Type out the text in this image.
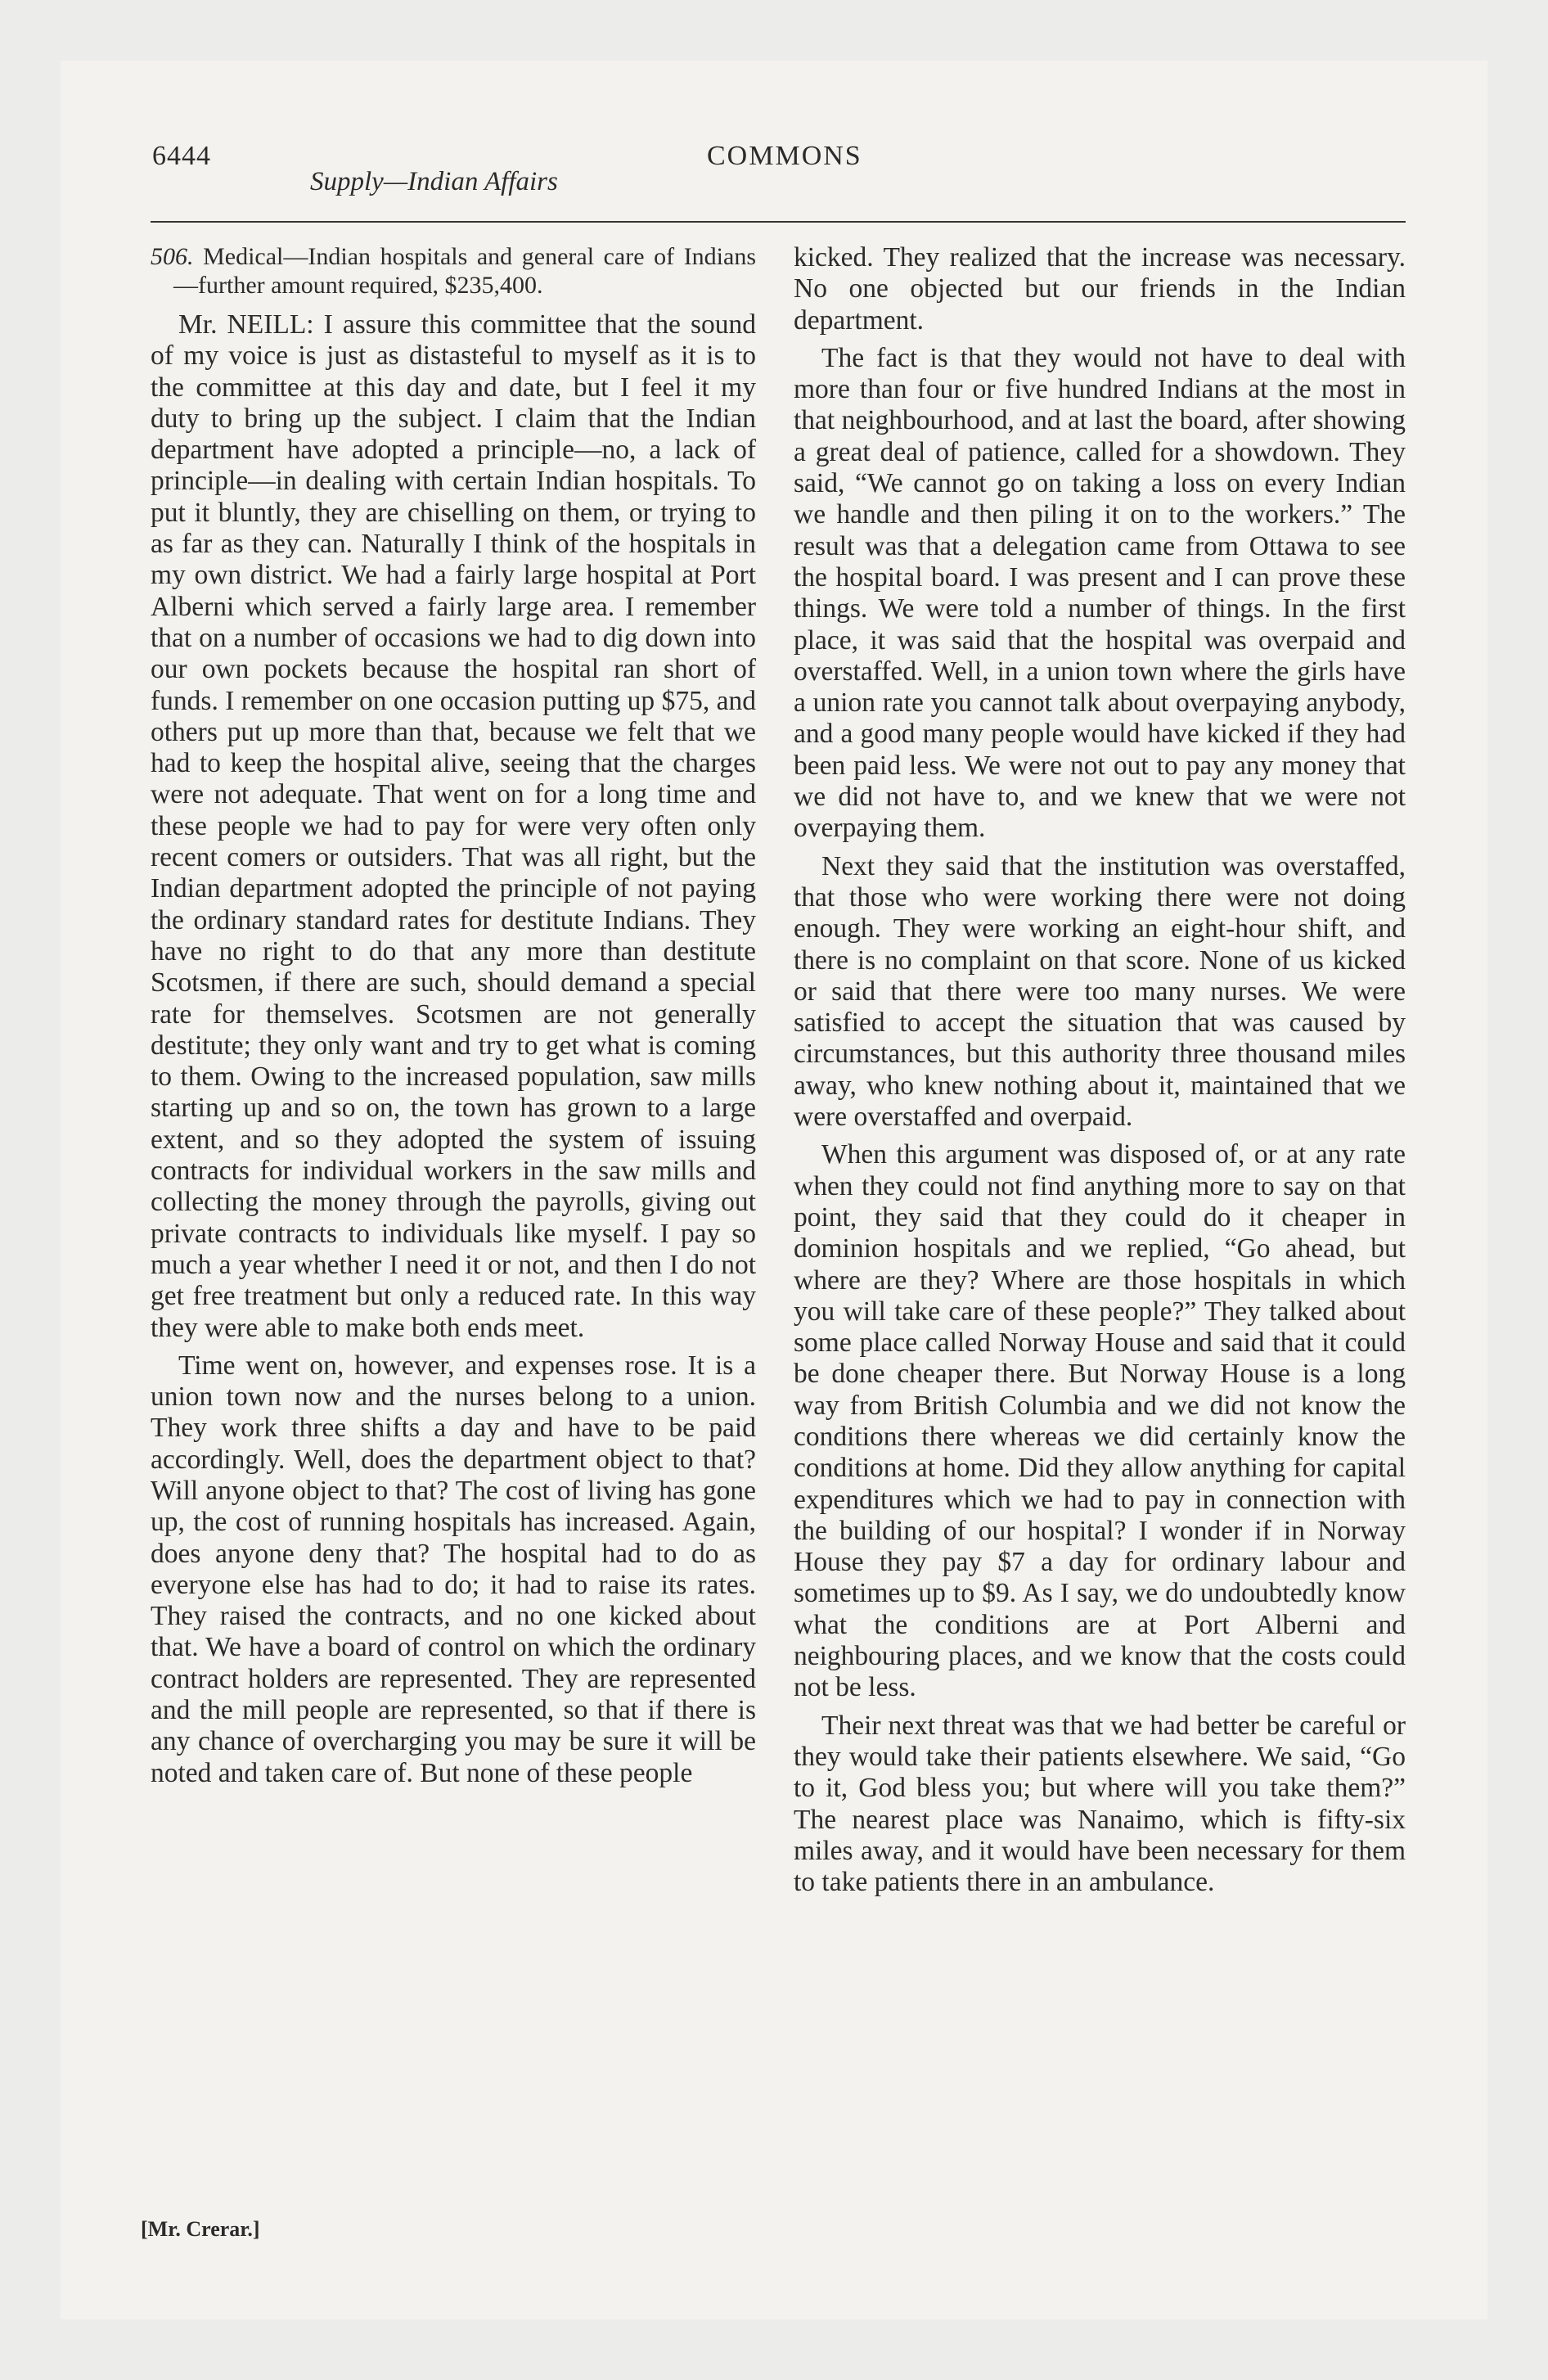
6444
Supply—Indian Affairs
COMMONS

506. Medical—Indian hospitals and general care of Indians—further amount required, $235,400.

Mr. NEILL: I assure this committee that the sound of my voice is just as distasteful to myself as it is to the committee at this day and date, but I feel it my duty to bring up the subject. I claim that the Indian department have adopted a principle—no, a lack of principle—in dealing with certain Indian hospitals. To put it bluntly, they are chiselling on them, or trying to as far as they can. Naturally I think of the hospitals in my own district. We had a fairly large hospital at Port Alberni which served a fairly large area. I remember that on a number of occasions we had to dig down into our own pockets because the hospital ran short of funds. I remember on one occasion putting up $75, and others put up more than that, because we felt that we had to keep the hospital alive, seeing that the charges were not adequate. That went on for a long time and these people we had to pay for were very often only recent comers or outsiders. That was all right, but the Indian department adopted the principle of not paying the ordinary standard rates for destitute Indians. They have no right to do that any more than destitute Scotsmen, if there are such, should demand a special rate for themselves. Scotsmen are not generally destitute; they only want and try to get what is coming to them. Owing to the increased population, saw mills starting up and so on, the town has grown to a large extent, and so they adopted the system of issuing contracts for individual workers in the saw mills and collecting the money through the payrolls, giving out private contracts to individuals like myself. I pay so much a year whether I need it or not, and then I do not get free treatment but only a reduced rate. In this way they were able to make both ends meet.

Time went on, however, and expenses rose. It is a union town now and the nurses belong to a union. They work three shifts a day and have to be paid accordingly. Well, does the department object to that? Will anyone object to that? The cost of living has gone up, the cost of running hospitals has increased. Again, does anyone deny that? The hospital had to do as everyone else has had to do; it had to raise its rates. They raised the contracts, and no one kicked about that. We have a board of control on which the ordinary contract holders are represented. They are represented and the mill people are represented, so that if there is any chance of overcharging you may be sure it will be noted and taken care of. But none of these people

kicked. They realized that the increase was necessary. No one objected but our friends in the Indian department.

The fact is that they would not have to deal with more than four or five hundred Indians at the most in that neighbourhood, and at last the board, after showing a great deal of patience, called for a showdown. They said, “We cannot go on taking a loss on every Indian we handle and then piling it on to the workers.” The result was that a delegation came from Ottawa to see the hospital board. I was present and I can prove these things. We were told a number of things. In the first place, it was said that the hospital was overpaid and overstaffed. Well, in a union town where the girls have a union rate you cannot talk about overpaying anybody, and a good many people would have kicked if they had been paid less. We were not out to pay any money that we did not have to, and we knew that we were not overpaying them.

Next they said that the institution was overstaffed, that those who were working there were not doing enough. They were working an eight-hour shift, and there is no complaint on that score. None of us kicked or said that there were too many nurses. We were satisfied to accept the situation that was caused by circumstances, but this authority three thousand miles away, who knew nothing about it, maintained that we were overstaffed and overpaid.

When this argument was disposed of, or at any rate when they could not find anything more to say on that point, they said that they could do it cheaper in dominion hospitals and we replied, “Go ahead, but where are they? Where are those hospitals in which you will take care of these people?” They talked about some place called Norway House and said that it could be done cheaper there. But Norway House is a long way from British Columbia and we did not know the conditions there whereas we did certainly know the conditions at home. Did they allow anything for capital expenditures which we had to pay in connection with the building of our hospital? I wonder if in Norway House they pay $7 a day for ordinary labour and sometimes up to $9. As I say, we do undoubtedly know what the conditions are at Port Alberni and neighbouring places, and we know that the costs could not be less.

Their next threat was that we had better be careful or they would take their patients elsewhere. We said, “Go to it, God bless you; but where will you take them?” The nearest place was Nanaimo, which is fifty-six miles away, and it would have been necessary for them to take patients there in an ambulance.

[Mr. Crerar.]
